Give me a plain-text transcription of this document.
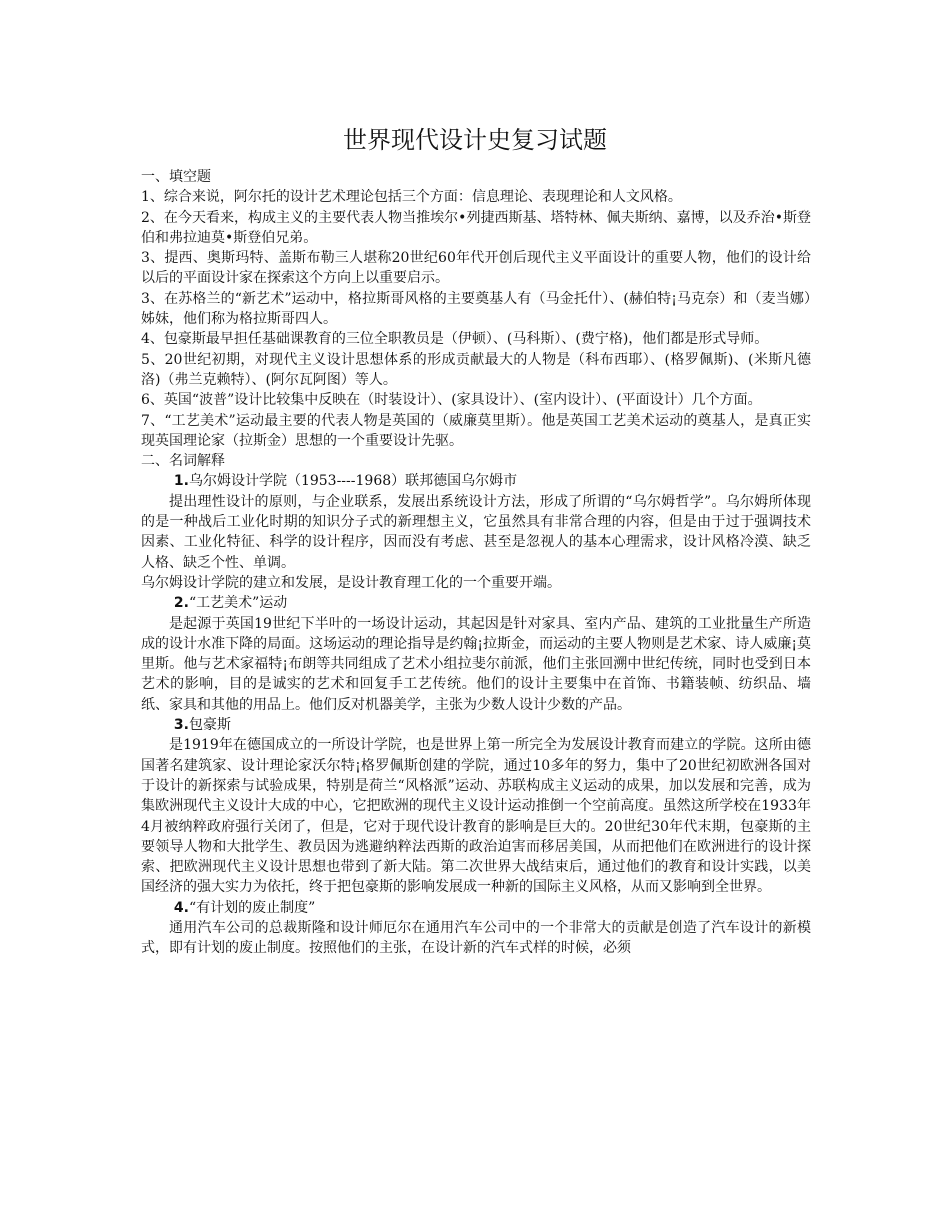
世界现代设计史复习试题

一、填空题

1、综合来说，阿尔托的设计艺术理论包括三个方面：信息理论、表现理论和人文风格。

2、在今天看来，构成主义的主要代表人物当推埃尔•列捷西斯基、塔特林、佩夫斯纳、嘉博，以及乔治•斯登伯和弗拉迪莫•斯登伯兄弟。

3、提西、奥斯玛特、盖斯布勒三人堪称20世纪60年代开创后现代主义平面设计的重要人物，他们的设计给以后的平面设计家在探索这个方向上以重要启示。

3、在苏格兰的“新艺术”运动中，格拉斯哥风格的主要奠基人有（马金托什）、(赫伯特¡马克奈）和（麦当娜）姊妹，他们称为格拉斯哥四人。

4、包豪斯最早担任基础课教育的三位全职教员是（伊顿）、(马科斯）、(费宁格)，他们都是形式导师。

5、20世纪初期，对现代主义设计思想体系的形成贡献最大的人物是（科布西耶）、(格罗佩斯)、(米斯凡德洛)（弗兰克赖特）、(阿尔瓦阿图）等人。

6、英国“波普”设计比较集中反映在（时装设计）、(家具设计）、(室内设计）、(平面设计）几个方面。

7、“工艺美术”运动最主要的代表人物是英国的（威廉莫里斯）。他是英国工艺美术运动的奠基人，是真正实现英国理论家（拉斯金）思想的一个重要设计先驱。

二、名词解释

1.乌尔姆设计学院（1953----1968）联邦德国乌尔姆市

提出理性设计的原则，与企业联系，发展出系统设计方法，形成了所谓的“乌尔姆哲学”。乌尔姆所体现的是一种战后工业化时期的知识分子式的新理想主义，它虽然具有非常合理的内容，但是由于过于强调技术因素、工业化特征、科学的设计程序，因而没有考虑、甚至是忽视人的基本心理需求，设计风格冷漠、缺乏人格、缺乏个性、单调。

乌尔姆设计学院的建立和发展，是设计教育理工化的一个重要开端。

2.“工艺美术”运动

是起源于英国19世纪下半叶的一场设计运动，其起因是针对家具、室内产品、建筑的工业批量生产所造成的设计水准下降的局面。这场运动的理论指导是约翰¡拉斯金，而运动的主要人物则是艺术家、诗人威廉¡莫里斯。他与艺术家福特¡布朗等共同组成了艺术小组拉斐尔前派，他们主张回溯中世纪传统，同时也受到日本艺术的影响，目的是诚实的艺术和回复手工艺传统。他们的设计主要集中在首饰、书籍装帧、纺织品、墙纸、家具和其他的用品上。他们反对机器美学，主张为少数人设计少数的产品。

3.包豪斯

是1919年在德国成立的一所设计学院，也是世界上第一所完全为发展设计教育而建立的学院。这所由德国著名建筑家、设计理论家沃尔特¡格罗佩斯创建的学院，通过10多年的努力，集中了20世纪初欧洲各国对于设计的新探索与试验成果，特别是荷兰“风格派”运动、苏联构成主义运动的成果，加以发展和完善，成为集欧洲现代主义设计大成的中心，它把欧洲的现代主义设计运动推倒一个空前高度。虽然这所学校在1933年4月被纳粹政府强行关闭了，但是，它对于现代设计教育的影响是巨大的。20世纪30年代末期，包豪斯的主要领导人物和大批学生、教员因为逃避纳粹法西斯的政治迫害而移居美国，从而把他们在欧洲进行的设计探索、把欧洲现代主义设计思想也带到了新大陆。第二次世界大战结束后，通过他们的教育和设计实践，以美国经济的强大实力为依托，终于把包豪斯的影响发展成一种新的国际主义风格，从而又影响到全世界。

4.“有计划的废止制度”

通用汽车公司的总裁斯隆和设计师厄尔在通用汽车公司中的一个非常大的贡献是创造了汽车设计的新模式，即有计划的废止制度。按照他们的主张，在设计新的汽车式样的时候，必须
